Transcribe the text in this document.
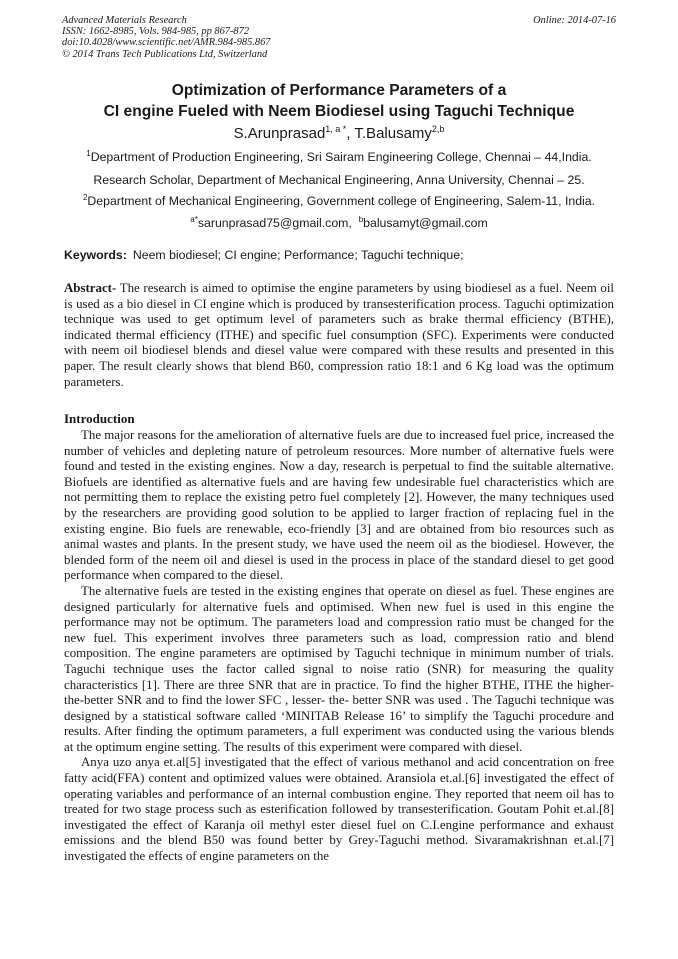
Advanced Materials Research
ISSN: 1662-8985, Vols. 984-985, pp 867-872
doi:10.4028/www.scientific.net/AMR.984-985.867
© 2014 Trans Tech Publications Ltd, Switzerland
Online: 2014-07-16
Optimization of Performance Parameters of a
CI engine Fueled with Neem Biodiesel using Taguchi Technique
S.Arunprasad$^{1, a *}$, T.Balusamy$^{2,b}$
$^1$Department of Production Engineering, Sri Sairam Engineering College, Chennai – 44,India.
Research Scholar, Department of Mechanical Engineering, Anna University, Chennai – 25.
$^2$Department of Mechanical Engineering, Government college of Engineering, Salem-11, India.
$^{a*}$sarunprasad75@gmail.com, $^b$balusamyt@gmail.com
Keywords: Neem biodiesel; CI engine; Performance; Taguchi technique;
Abstract- The research is aimed to optimise the engine parameters by using biodiesel as a fuel. Neem oil is used as a bio diesel in CI engine which is produced by transesterification process. Taguchi optimization technique was used to get optimum level of parameters such as brake thermal efficiency (BTHE), indicated thermal efficiency (ITHE) and specific fuel consumption (SFC). Experiments were conducted with neem oil biodiesel blends and diesel value were compared with these results and presented in this paper. The result clearly shows that blend B60, compression ratio 18:1 and 6 Kg load was the optimum parameters.
Introduction

The major reasons for the amelioration of alternative fuels are due to increased fuel price, increased the number of vehicles and depleting nature of petroleum resources. More number of alternative fuels were found and tested in the existing engines. Now a day, research is perpetual to find the suitable alternative. Biofuels are identified as alternative fuels and are having few undesirable fuel characteristics which are not permitting them to replace the existing petro fuel completely [2]. However, the many techniques used by the researchers are providing good solution to be applied to larger fraction of replacing fuel in the existing engine. Bio fuels are renewable, eco-friendly [3] and are obtained from bio resources such as animal wastes and plants. In the present study, we have used the neem oil as the biodiesel. However, the blended form of the neem oil and diesel is used in the process in place of the standard diesel to get good performance when compared to the diesel.

The alternative fuels are tested in the existing engines that operate on diesel as fuel. These engines are designed particularly for alternative fuels and optimised. When new fuel is used in this engine the performance may not be optimum. The parameters load and compression ratio must be changed for the new fuel. This experiment involves three parameters such as load, compression ratio and blend composition. The engine parameters are optimised by Taguchi technique in minimum number of trials. Taguchi technique uses the factor called signal to noise ratio (SNR) for measuring the quality characteristics [1]. There are three SNR that are in practice. To find the higher BTHE, ITHE the higher-the-better SNR and to find the lower SFC , lesser- the- better SNR was used . The Taguchi technique was designed by a statistical software called ‘MINITAB Release 16’ to simplify the Taguchi procedure and results. After finding the optimum parameters, a full experiment was conducted using the various blends at the optimum engine setting. The results of this experiment were compared with diesel.

Anya uzo anya et.al[5] investigated that the effect of various methanol and acid concentration on free fatty acid(FFA) content and optimized values were obtained. Aransiola et.al.[6] investigated the effect of operating variables and performance of an internal combustion engine. They reported that neem oil has to treated for two stage process such as esterification followed by transesterification. Goutam Pohit et.al.[8] investigated the effect of Karanja oil methyl ester diesel fuel on C.I.engine performance and exhaust emissions and the blend B50 was found better by Grey-Taguchi method. Sivaramakrishnan et.al.[7] investigated the effects of engine parameters on the
